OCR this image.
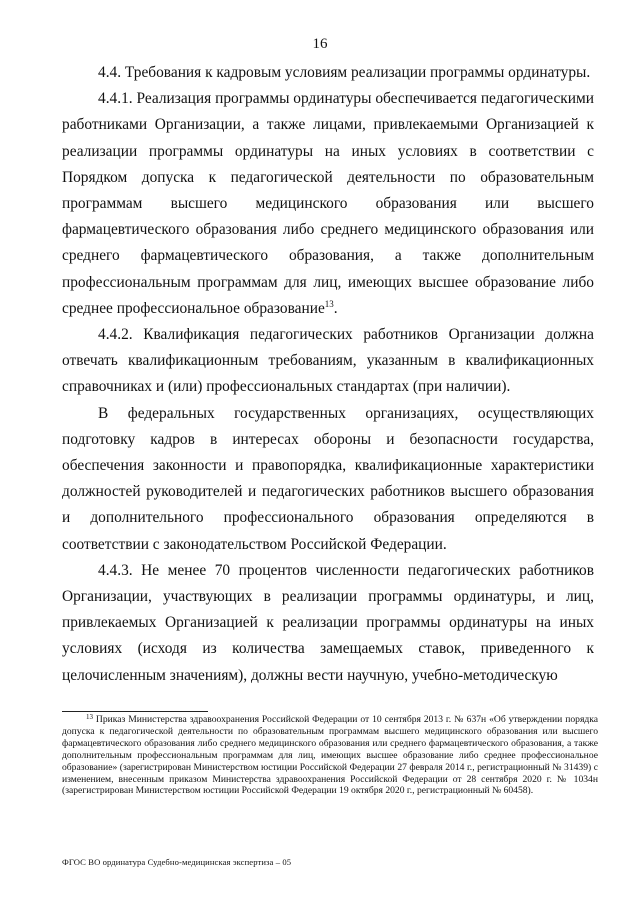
16

4.4. Требования к кадровым условиям реализации программы ординатуры.

4.4.1. Реализация программы ординатуры обеспечивается педагогическими работниками Организации, а также лицами, привлекаемыми Организацией к реализации программы ординатуры на иных условиях в соответствии с Порядком допуска к педагогической деятельности по образовательным программам высшего медицинского образования или высшего фармацевтического образования либо среднего медицинского образования или среднего фармацевтического образования, а также дополнительным профессиональным программам для лиц, имеющих высшее образование либо среднее профессиональное образование$^{13}$.

4.4.2. Квалификация педагогических работников Организации должна отвечать квалификационным требованиям, указанным в квалификационных справочниках и (или) профессиональных стандартах (при наличии).

В федеральных государственных организациях, осуществляющих подготовку кадров в интересах обороны и безопасности государства, обеспечения законности и правопорядка, квалификационные характеристики должностей руководителей и педагогических работников высшего образования и дополнительного профессионального образования определяются в соответствии с законодательством Российской Федерации.

4.4.3. Не менее 70 процентов численности педагогических работников Организации, участвующих в реализации программы ординатуры, и лиц, привлекаемых Организацией к реализации программы ординатуры на иных условиях (исходя из количества замещаемых ставок, приведенного к целочисленным значениям), должны вести научную, учебно-методическую

$^{13}$ Приказ Министерства здравоохранения Российской Федерации от 10 сентября 2013 г. № 637н «Об утверждении порядка допуска к педагогической деятельности по образовательным программам высшего медицинского образования или высшего фармацевтического образования либо среднего медицинского образования или среднего фармацевтического образования, а также дополнительным профессиональным программам для лиц, имеющих высшее образование либо среднее профессиональное образование» (зарегистрирован Министерством юстиции Российской Федерации 27 февраля 2014 г., регистрационный № 31439) с изменением, внесенным приказом Министерства здравоохранения Российской Федерации от 28 сентября 2020 г. № 1034н (зарегистрирован Министерством юстиции Российской Федерации 19 октября 2020 г., регистрационный № 60458).
ФГОС ВО ординатура Судебно-медицинская экспертиза – 05
